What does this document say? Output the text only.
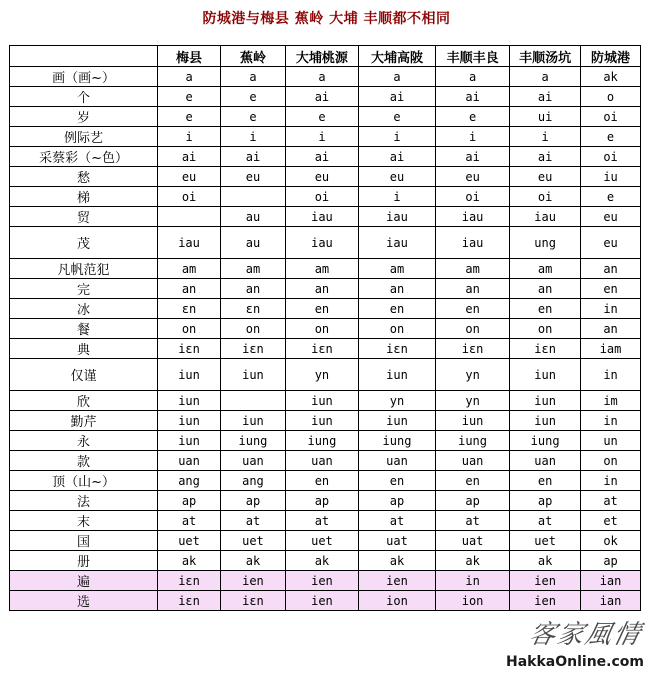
防城港与梅县 蕉岭 大埔 丰顺都不相同
	梅县	蕉岭	大埔桃源	大埔高陂	丰顺丰良	丰顺汤坑	防城港
画（画~）	a	a	a	a	a	a	ak
个	e	e	ai	ai	ai	ai	o
岁	e	e	e	e	e	ui	oi
例际艺	i	i	i	i	i	i	e
采蔡彩（~色）	ai	ai	ai	ai	ai	ai	oi
愁	eu	eu	eu	eu	eu	eu	iu
梯	oi		oi	i	oi	oi	e
贸		au	iau	iau	iau	iau	eu
茂	iau	au	iau	iau	iau	ung	eu
凡帆范犯	am	am	am	am	am	am	an
完	an	an	an	an	an	an	en
冰	ɛn	ɛn	en	en	en	en	in
餐	on	on	on	on	on	on	an
典	iɛn	iɛn	iɛn	iɛn	iɛn	iɛn	iam
仅谨	iun	iun	yn	iun	yn	iun	in
欣	iun		iun	yn	yn	iun	im
勤芹	iun	iun	iun	iun	iun	iun	in
永	iun	iung	iung	iung	iung	iung	un
款	uan	uan	uan	uan	uan	uan	on
顶（山~）	ang	ang	en	en	en	en	in
法	ap	ap	ap	ap	ap	ap	at
末	at	at	at	at	at	at	et
国	uet	uet	uet	uat	uat	uet	ok
册	ak	ak	ak	ak	ak	ak	ap
遍	iɛn	ien	ien	ien	in	ien	ian
选	iɛn	iɛn	ien	ion	ion	ien	ian
客家風情
HakkaOnline.com
